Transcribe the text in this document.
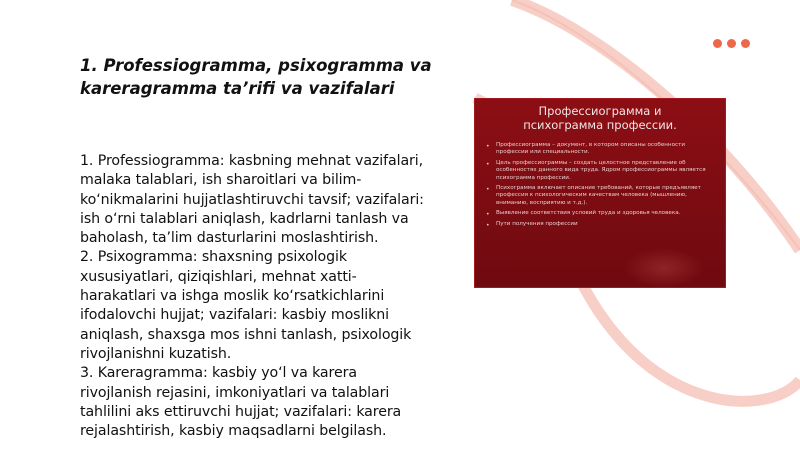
1. Professiogramma, psixogramma va
kareragramma ta’rifi va vazifalari

1. Professiogramma: kasbning mehnat vazifalari, malaka talablari, ish sharoitlari va bilim-ko‘nikmalarini hujjatlashtiruvchi tavsif; vazifalari: ish o‘rni talablari aniqlash, kadrlarni tanlash va baholash, ta’lim dasturlarini moslashtirish.

2. Psixogramma: shaxsning psixologik xususiyatlari, qiziqishlari, mehnat xatti-harakatlari va ishga moslik ko‘rsatkichlarini ifodalovchi hujjat; vazifalari: kasbiy moslikni aniqlash, shaxsga mos ishni tanlash, psixologik rivojlanishni kuzatish.

3. Kareragramma: kasbiy yo‘l va karera rivojlanish rejasini, imkoniyatlari va talablari tahlilini aks ettiruvchi hujjat; vazifalari: karera rejalashtirish, kasbiy maqsadlarni belgilash.

Профессиограмма и
психограмма профессии.
• Профессиограмма – документ, в котором описаны особенности профессии или специальности.
• Цель профессиограммы – создать целостное представление об особенностях данного вида труда. Ядром профессиограммы является психограмма профессии.
• Психограмма включает описание требований, которые предъявляет профессия к психологическим качествам человека (мышлению, вниманию, восприятию и т.д.).
• Выявление соответствия условий труда и здоровья человека.
• Пути получения профессии
